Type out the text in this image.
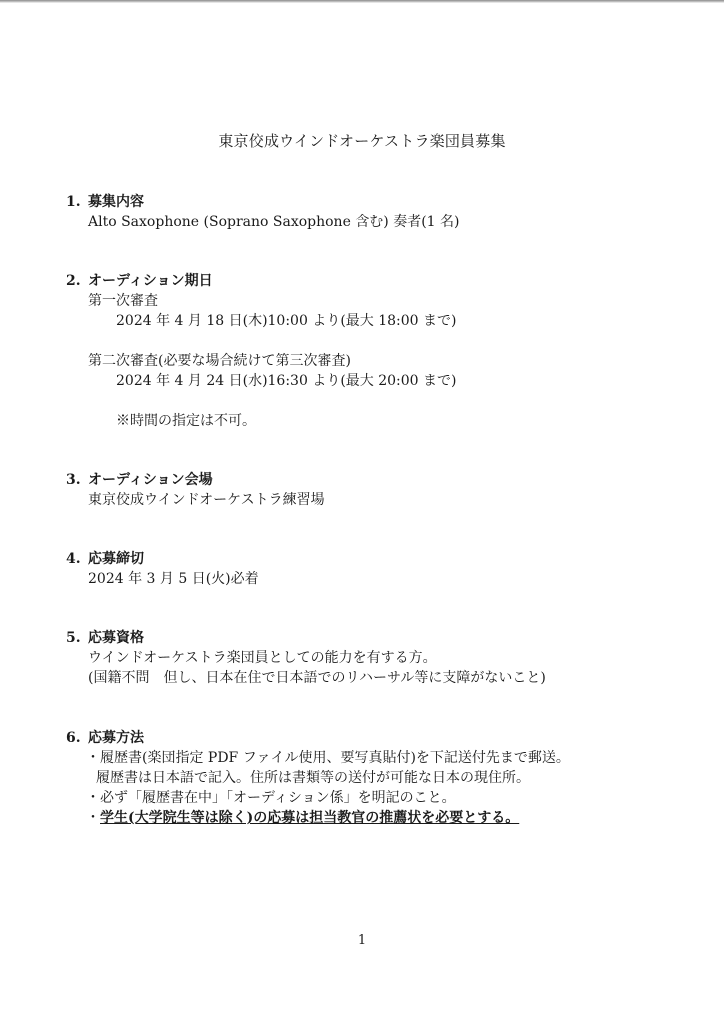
東京佼成ウインドオーケストラ楽団員募集
1. 募集内容
Alto Saxophone (Soprano Saxophone 含む) 奏者(1 名)
2. オーディション期日
第一次審査
2024 年 4 月 18 日(木)10:00 より(最大 18:00 まで)
第二次審査(必要な場合続けて第三次審査)
2024 年 4 月 24 日(水)16:30 より(最大 20:00 まで)
※時間の指定は不可。
3. オーディション会場
東京佼成ウインドオーケストラ練習場
4. 応募締切
2024 年 3 月 5 日(火)必着
5. 応募資格
ウインドオーケストラ楽団員としての能力を有する方。
(国籍不問　但し、日本在住で日本語でのリハーサル等に支障がないこと)
6. 応募方法
・履歴書(楽団指定 PDF ファイル使用、要写真貼付)を下記送付先まで郵送。
履歴書は日本語で記入。住所は書類等の送付が可能な日本の現住所。
・必ず「履歴書在中」「オーディション係」を明記のこと。
・学生(大学院生等は除く)の応募は担当教官の推薦状を必要とする。
1
